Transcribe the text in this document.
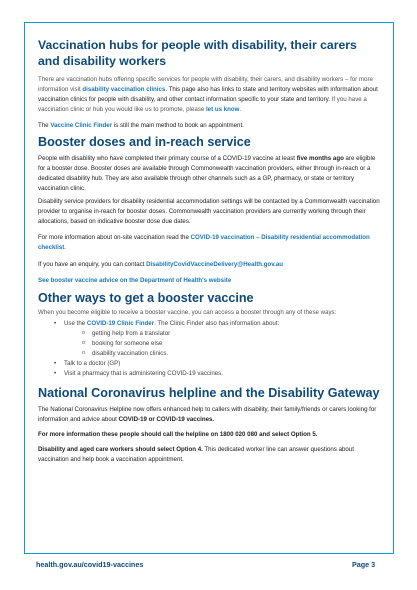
Vaccination hubs for people with disability, their carers and disability workers

There are vaccination hubs offering specific services for people with disability, their carers, and disability workers – for more information visit disability vaccination clinics. This page also has links to state and territory websites with information about vaccination clinics for people with disability, and other contact information specific to your state and territory. If you have a vaccination clinic or hub you would like us to promote, please let us know.

The Vaccine Clinic Finder is still the main method to book an appointment.

Booster doses and in-reach service

People with disability who have completed their primary course of a COVID-19 vaccine at least five months ago are eligible for a booster dose. Booster doses are available through Commonwealth vaccination providers, either through in-reach or a dedicated disability hub. They are also available through other channels such as a GP, pharmacy, or state or territory vaccination clinic.

Disability service providers for disability residential accommodation settings will be contacted by a Commonwealth vaccination provider to organise in-reach for booster doses. Commonwealth vaccination providers are currently working through their allocations, based on indicative booster dose due dates.

For more information about on-site vaccination read the COVID-19 vaccination – Disability residential accommodation checklist.

If you have an enquiry, you can contact DisabilityCovidVaccineDelivery@Health.gov.au

See booster vaccine advice on the Department of Health's website

Other ways to get a booster vaccine

When you become eligible to receive a booster vaccine, you can access a booster through any of these ways:

• Use the COVID-19 Clinic Finder. The Clinic Finder also has information about:
o getting help from a translator
o booking for someone else
o disability vaccination clinics.
• Talk to a doctor (GP)
• Visit a pharmacy that is administering COVID-19 vaccines.
National Coronavirus helpline and the Disability Gateway

The National Coronavirus Helpline now offers enhanced help to callers with disability, their family/friends or carers looking for information and advice about COVID-19 or COVID-19 vaccines.

For more information these people should call the helpline on 1800 020 080 and select Option 5.

Disability and aged care workers should select Option 4. This dedicated worker line can answer questions about vaccination and help book a vaccination appointment.

health.gov.au/covid19-vaccines	Page 3
